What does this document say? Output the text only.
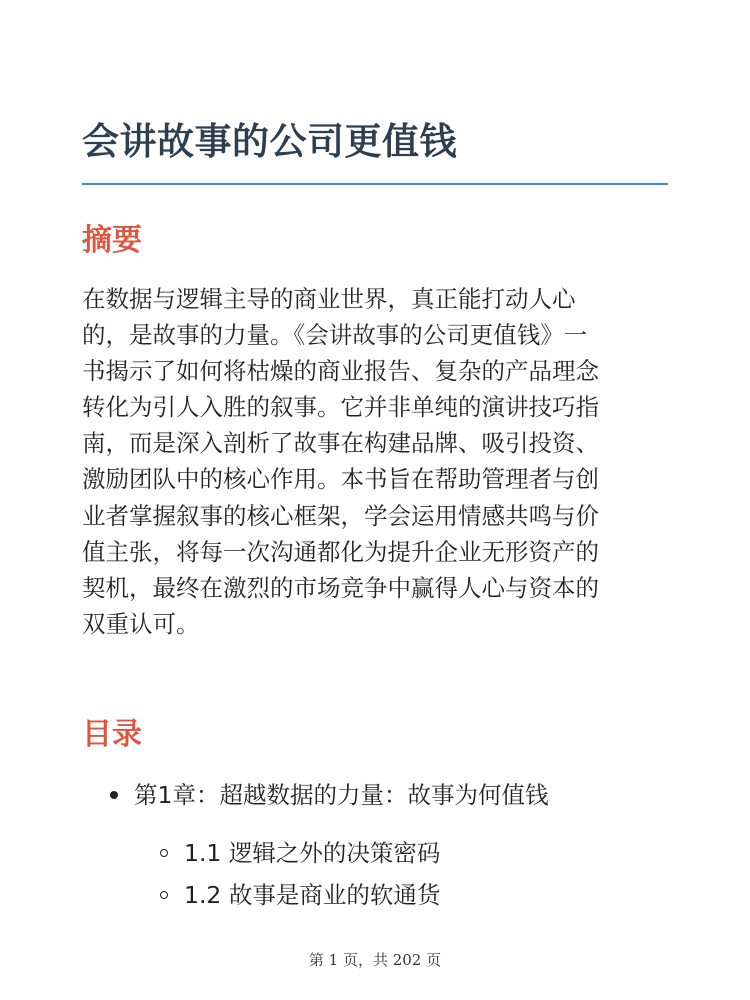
会讲故事的公司更值钱
摘要

在数据与逻辑主导的商业世界，真正能打动人心
的，是故事的力量。《会讲故事的公司更值钱》一
书揭示了如何将枯燥的商业报告、复杂的产品理念
转化为引人入胜的叙事。它并非单纯的演讲技巧指
南，而是深入剖析了故事在构建品牌、吸引投资、
激励团队中的核心作用。本书旨在帮助管理者与创
业者掌握叙事的核心框架，学会运用情感共鸣与价
值主张，将每一次沟通都化为提升企业无形资产的
契机，最终在激烈的市场竞争中赢得人心与资本的
双重认可。

目录
第1章：超越数据的力量：故事为何值钱
1.1 逻辑之外的决策密码
1.2 故事是商业的软通货
第 1 页，共 202 页
